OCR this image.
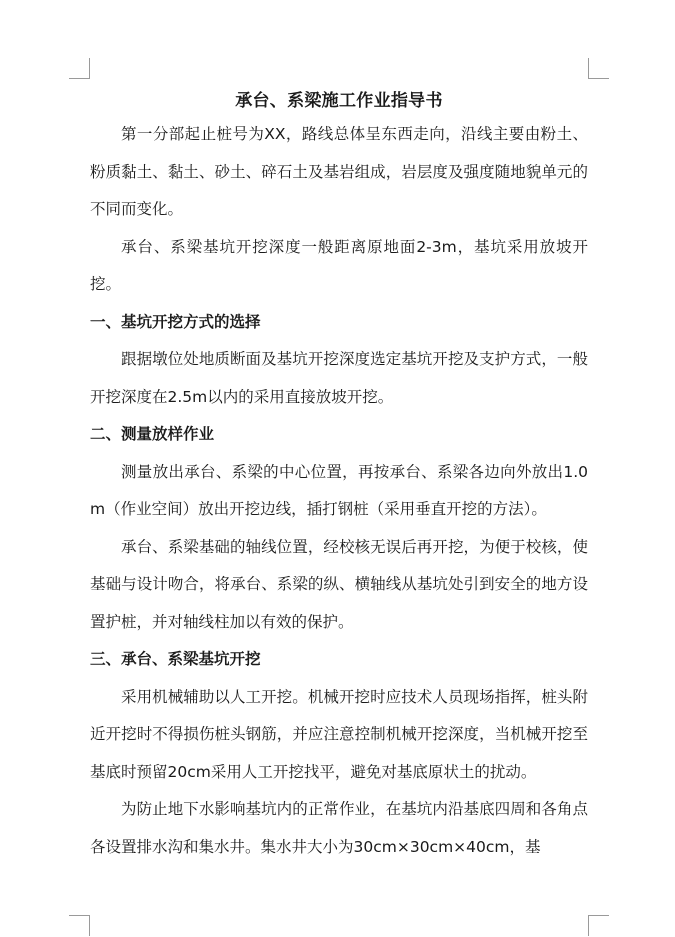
承台、系梁施工作业指导书

第一分部起止桩号为XX，路线总体呈东西走向，沿线主要由粉土、粉质黏土、黏土、砂土、碎石土及基岩组成，岩层度及强度随地貌单元的不同而变化。

承台、系梁基坑开挖深度一般距离原地面2-3m，基坑采用放坡开挖。

一、基坑开挖方式的选择

跟据墩位处地质断面及基坑开挖深度选定基坑开挖及支护方式，一般开挖深度在2.5m以内的采用直接放坡开挖。

二、测量放样作业

测量放出承台、系梁的中心位置，再按承台、系梁各边向外放出1.0m（作业空间）放出开挖边线，插打钢桩（采用垂直开挖的方法）。

承台、系梁基础的轴线位置，经校核无误后再开挖，为便于校核，使基础与设计吻合，将承台、系梁的纵、横轴线从基坑处引到安全的地方设置护桩，并对轴线柱加以有效的保护。

三、承台、系梁基坑开挖

采用机械辅助以人工开挖。机械开挖时应技术人员现场指挥，桩头附近开挖时不得损伤桩头钢筋，并应注意控制机械开挖深度，当机械开挖至基底时预留20cm采用人工开挖找平，避免对基底原状土的扰动。

为防止地下水影响基坑内的正常作业，在基坑内沿基底四周和各角点各设置排水沟和集水井。集水井大小为30cm×30cm×40cm，基
